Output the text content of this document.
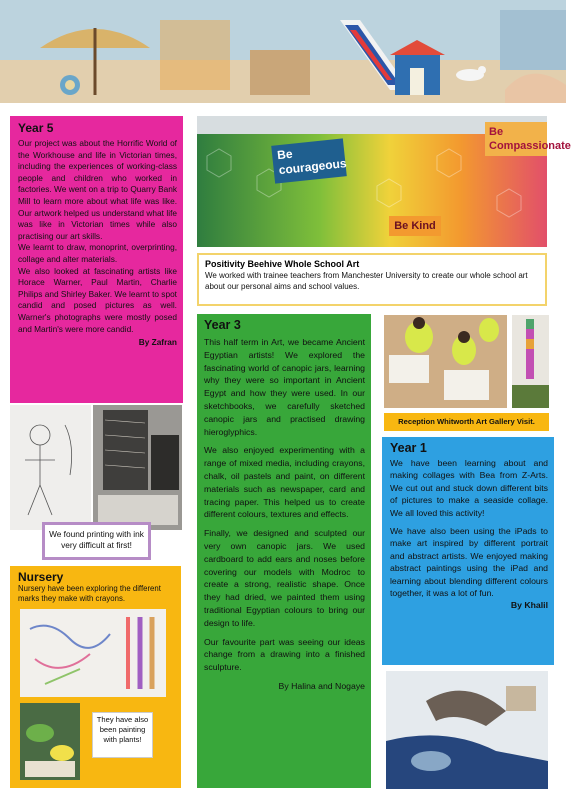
Year 5

Our project was about the Horrific World of the Workhouse and life in Victorian times, including the experiences of working-class people and children who worked in factories. We went on a trip to Quarry Bank Mill to learn more about what life was like. Our artwork helped us understand what life was like in Victorian times while also practising our art skills.

We learnt to draw, monoprint, overprinting, collage and alter materials.

We also looked at fascinating artists like Horace Warner, Paul Martin, Charlie Philips and Shirley Baker. We learnt to spot candid and posed pictures as well. Warner's photographs were mostly posed and Martin's were more candid.

By Zafran
Be courageous
Be Compassionate
Be Kind
Positivity Beehive Whole School Art
We worked with trainee teachers from Manchester University to create our whole school art about our personal aims and school values.
Year 3

This half term in Art, we became Ancient Egyptian artists! We explored the fascinating world of canopic jars, learning why they were so important in Ancient Egypt and how they were used. In our sketchbooks, we carefully sketched canopic jars and practised drawing hieroglyphics.

We also enjoyed experimenting with a range of mixed media, including crayons, chalk, oil pastels and paint, on different materials such as newspaper, card and tracing paper. This helped us to create different colours, textures and effects.

Finally, we designed and sculpted our very own canopic jars. We used cardboard to add ears and noses before covering our models with Modroc to create a strong, realistic shape. Once they had dried, we painted them using traditional Egyptian colours to bring our design to life.

Our favourite part was seeing our ideas change from a drawing into a finished sculpture.

By Halina and Nogaye
Reception Whitworth Art Gallery Visit.
Year 1

We have been learning about and making collages with Bea from Z-Arts. We cut out and stuck down different bits of pictures to make a seaside collage. We all loved this activity!

We have also been using the iPads to make art inspired by different portrait and abstract artists. We enjoyed making abstract paintings using the iPad and learning about blending different colours together, it was a lot of fun.

By Khalil
We found printing with ink very difficult at first!
Nursery
Nursery have been exploring the different marks they make with crayons.
They have also been painting with plants!
